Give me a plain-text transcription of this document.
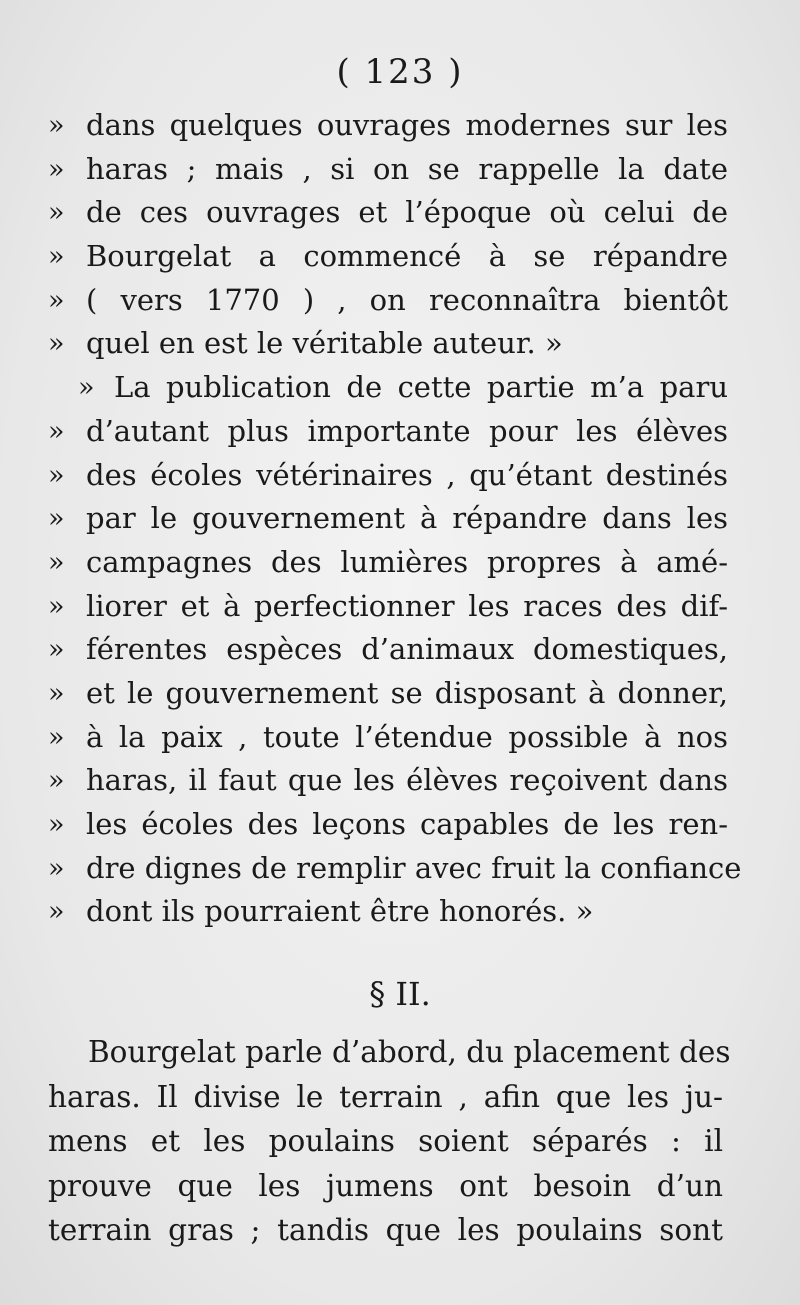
( 123 )
» dans quelques ouvrages modernes sur les
» haras ; mais , si on se rappelle la date
» de ces ouvrages et l’époque où celui de
» Bourgelat a commencé à se répandre
» ( vers 1770 ) , on reconnaîtra bientôt
» quel en est le véritable auteur. »
» La publication de cette partie m’a paru
» d’autant plus importante pour les élèves
» des écoles vétérinaires , qu’étant destinés
» par le gouvernement à répandre dans les
» campagnes des lumières propres à amé-
» liorer et à perfectionner les races des dif-
» férentes espèces d’animaux domestiques,
» et le gouvernement se disposant à donner,
» à la paix , toute l’étendue possible à nos
» haras, il faut que les élèves reçoivent dans
» les écoles des leçons capables de les ren-
» dre dignes de remplir avec fruit la confiance
» dont ils pourraient être honorés. »
§ II.
Bourgelat parle d’abord, du placement des
haras. Il divise le terrain , afin que les ju-
mens et les poulains soient séparés : il
prouve que les jumens ont besoin d’un
terrain gras ; tandis que les poulains sont
